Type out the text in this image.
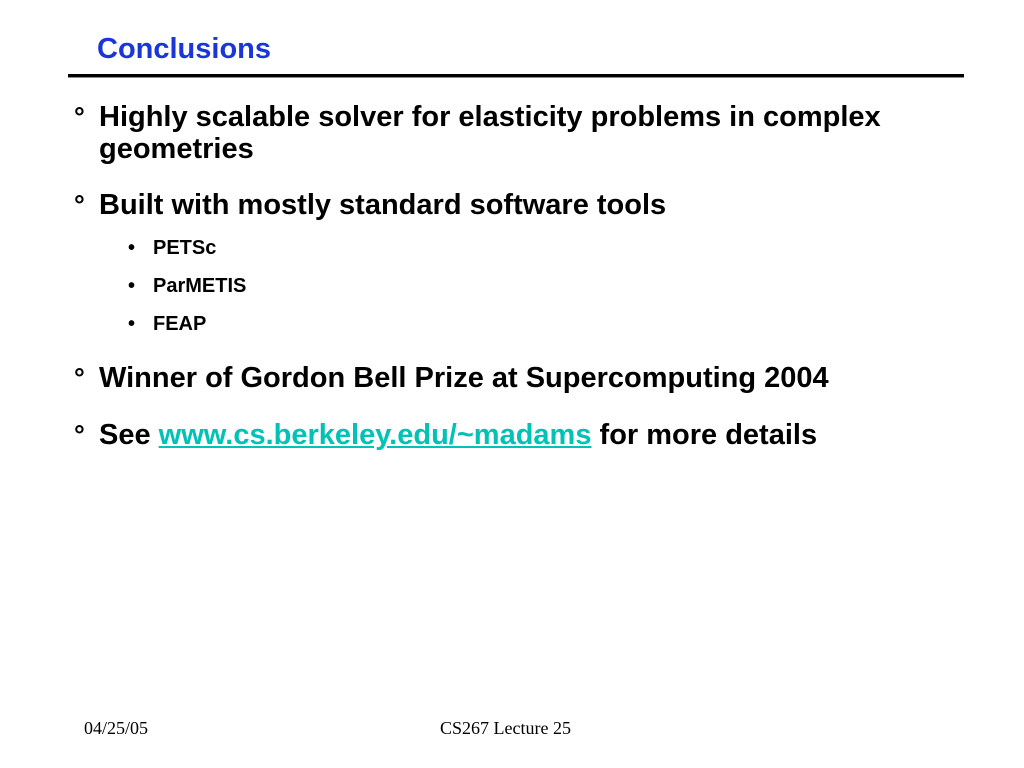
Conclusions
° Highly scalable solver for elasticity problems in complex geometries
° Built with mostly standard software tools
• PETSc
• ParMETIS
• FEAP
° Winner of Gordon Bell Prize at Supercomputing 2004
° See www.cs.berkeley.edu/~madams for more details
04/25/05	CS267 Lecture 25
